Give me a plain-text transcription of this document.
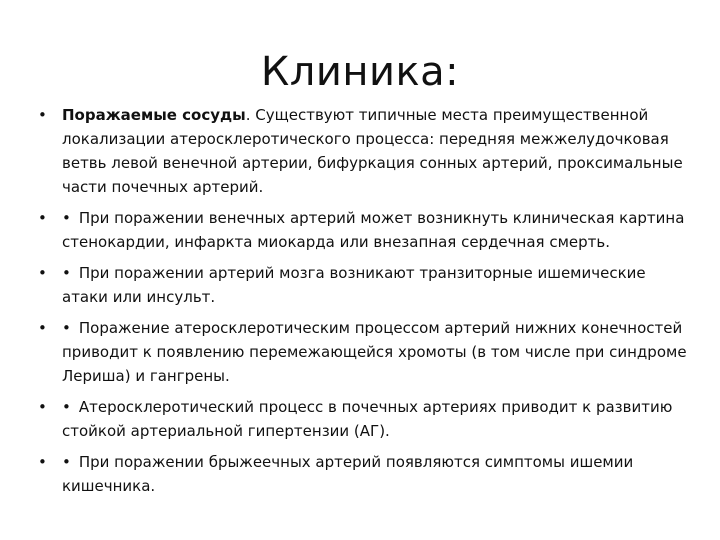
Клиника:
•	Поражаемые сосуды. Существуют типичные места преимущественной локализации атеросклеротического процесса: передняя межжелудочковая ветвь левой венечной артерии, бифуркация сонных артерий, проксимальные части почечных артерий.
•	• При поражении венечных артерий может возникнуть клиническая картина стенокардии, инфаркта миокарда или внезапная сердечная смерть.
•	• При поражении артерий мозга возникают транзиторные ишемические атаки или инсульт.
•	• Поражение атеросклеротическим процессом артерий нижних конечностей приводит к появлению перемежающейся хромоты (в том числе при синдроме Лериша) и гангрены.
•	• Атеросклеротический процесс в почечных артериях приводит к развитию стойкой артериальной гипертензии (АГ).
•	• При поражении брыжеечных артерий появляются симптомы ишемии кишечника.
